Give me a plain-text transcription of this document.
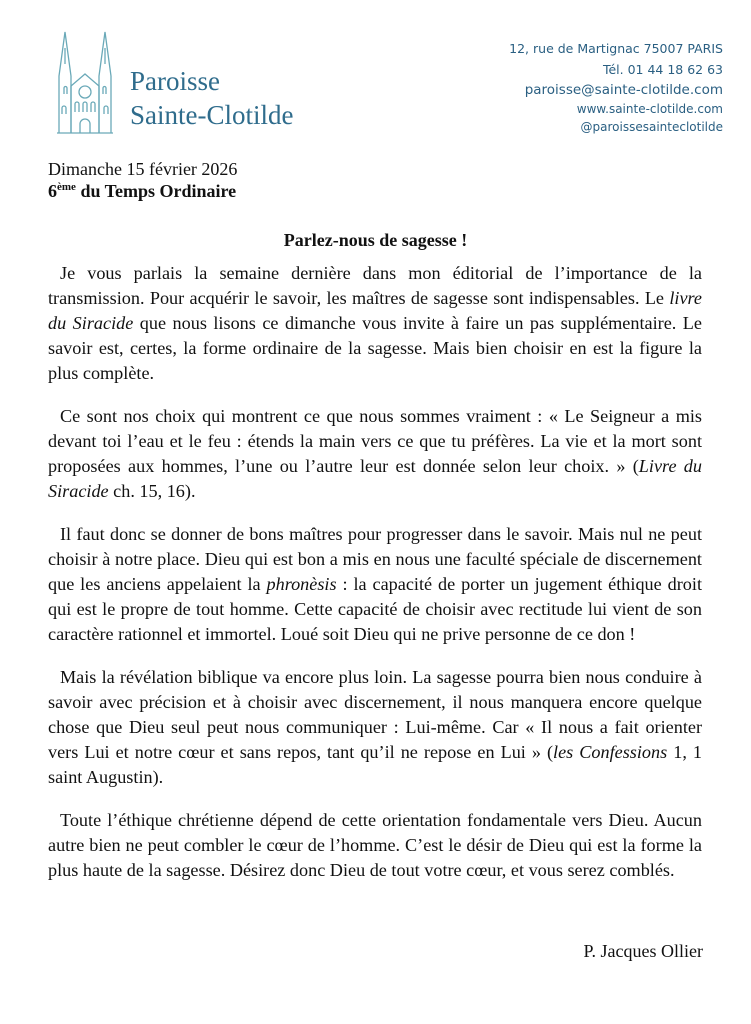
Paroisse
Sainte-Clotilde
12, rue de Martignac 75007 PARIS
Tél. 01 44 18 62 63
paroisse@sainte-clotilde.com
www.sainte-clotilde.com
@paroissesainteclotilde
Dimanche 15 février 2026
6ème du Temps Ordinaire
Parlez-nous de sagesse !

Je vous parlais la semaine dernière dans mon éditorial de l’importance de la transmission. Pour acquérir le savoir, les maîtres de sagesse sont indispensables. Le livre du Siracide que nous lisons ce dimanche vous invite à faire un pas supplémentaire. Le savoir est, certes, la forme ordinaire de la sagesse. Mais bien choisir en est la figure la plus complète.

Ce sont nos choix qui montrent ce que nous sommes vraiment : « Le Seigneur a mis devant toi l’eau et le feu : étends la main vers ce que tu préfères. La vie et la mort sont proposées aux hommes, l’une ou l’autre leur est donnée selon leur choix. » (Livre du Siracide ch. 15, 16).

Il faut donc se donner de bons maîtres pour progresser dans le savoir. Mais nul ne peut choisir à notre place. Dieu qui est bon a mis en nous une faculté spéciale de discernement que les anciens appelaient la phronèsis : la capacité de porter un jugement éthique droit qui est le propre de tout homme. Cette capacité de choisir avec rectitude lui vient de son caractère rationnel et immortel. Loué soit Dieu qui ne prive personne de ce don !

Mais la révélation biblique va encore plus loin. La sagesse pourra bien nous conduire à savoir avec précision et à choisir avec discernement, il nous manquera encore quelque chose que Dieu seul peut nous communiquer : Lui-même. Car « Il nous a fait orienter vers Lui et notre cœur et sans repos, tant qu’il ne repose en Lui » (les Confessions 1, 1 saint Augustin).

Toute l’éthique chrétienne dépend de cette orientation fondamentale vers Dieu. Aucun autre bien ne peut combler le cœur de l’homme. C’est le désir de Dieu qui est la forme la plus haute de la sagesse. Désirez donc Dieu de tout votre cœur, et vous serez comblés.

P. Jacques Ollier
